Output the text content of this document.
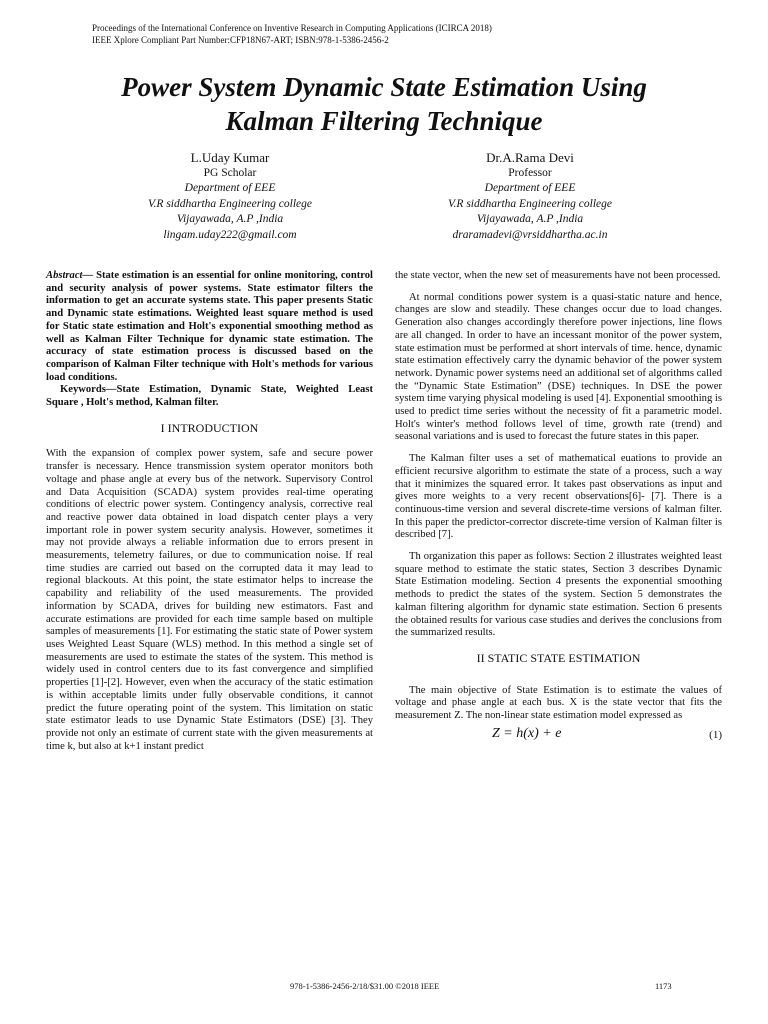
Proceedings of the International Conference on Inventive Research in Computing Applications (ICIRCA 2018)
IEEE Xplore Compliant Part Number:CFP18N67-ART; ISBN:978-1-5386-2456-2
Power System Dynamic State Estimation Using
Kalman Filtering Technique
L.Uday Kumar
PG Scholar
Department of EEE
V.R siddhartha Engineering college
Vijayawada, A.P ,India
lingam.uday222@gmail.com
Dr.A.Rama Devi
Professor
Department of EEE
V.R siddhartha Engineering college
Vijayawada, A.P ,India
draramadevi@vrsiddhartha.ac.in

Abstract— State estimation is an essential for online monitoring, control and security analysis of power systems. State estimator filters the information to get an accurate systems state. This paper presents Static and Dynamic state estimations. Weighted least square method is used for Static state estimation and Holt's exponential smoothing method as well as Kalman Filter Technique for dynamic state estimation. The accuracy of state estimation process is discussed based on the comparison of Kalman Filter technique with Holt's methods for various load conditions.

Keywords—State Estimation, Dynamic State, Weighted Least Square , Holt's method, Kalman filter.

I INTRODUCTION

With the expansion of complex power system, safe and secure power transfer is necessary. Hence transmission system operator monitors both voltage and phase angle at every bus of the network. Supervisory Control and Data Acquisition (SCADA) system provides real-time operating conditions of electric power system. Contingency analysis, corrective real and reactive power data obtained in load dispatch center plays a very important role in power system security analysis. However, sometimes it may not provide always a reliable information due to errors present in measurements, telemetry failures, or due to communication noise. If real time studies are carried out based on the corrupted data it may lead to regional blackouts. At this point, the state estimator helps to increase the capability and reliability of the used measurements. The provided information by SCADA, drives for building new estimators. Fast and accurate estimations are provided for each time sample based on multiple samples of measurements [1]. For estimating the static state of Power system uses Weighted Least Square (WLS) method. In this method a single set of measurements are used to estimate the states of the system. This method is widely used in control centers due to its fast convergence and simplified properties [1]-[2]. However, even when the accuracy of the static estimation is within acceptable limits under fully observable conditions, it cannot predict the future operating point of the system. This limitation on static state estimator leads to use Dynamic State Estimators (DSE) [3]. They provide not only an estimate of current state with the given measurements at time k, but also at k+1 instant predict

the state vector, when the new set of measurements have not been processed.

At normal conditions power system is a quasi-static nature and hence, changes are slow and steadily. These changes occur due to load changes. Generation also changes accordingly therefore power injections, line flows are all changed. In order to have an incessant monitor of the power system, state estimation must be performed at short intervals of time. hence, dynamic state estimation effectively carry the dynamic behavior of the power system network. Dynamic power systems need an additional set of algorithms called the “Dynamic State Estimation” (DSE) techniques. In DSE the power system time varying physical modeling is used [4]. Exponential smoothing is used to predict time series without the necessity of fit a parametric model. Holt's winter's method follows level of time, growth rate (trend) and seasonal variations and is used to forecast the future states in this paper.

The Kalman filter uses a set of mathematical euations to provide an efficient recursive algorithm to estimate the state of a process, such a way that it minimizes the squared error. It takes past observations as input and gives more weights to a very recent observations[6]- [7]. There is a continuous-time version and several discrete-time versions of kalman filter. In this paper the predictor-corrector discrete-time version of Kalman filter is described [7].

Th organization this paper as follows: Section 2 illustrates weighted least square method to estimate the static states, Section 3 describes Dynamic State Estimation modeling. Section 4 presents the exponential smoothing methods to predict the states of the system. Section 5 demonstrates the kalman filtering algorithm for dynamic state estimation. Section 6 presents the obtained results for various case studies and derives the conclusions from the summarized results.

II STATIC STATE ESTIMATION

The main objective of State Estimation is to estimate the values of voltage and phase angle at each bus. X is the state vector that fits the measurement Z. The non-linear state estimation model expressed as

Z = h(x) + e	(1)
978-1-5386-2456-2/18/$31.00 ©2018 IEEE	1173
